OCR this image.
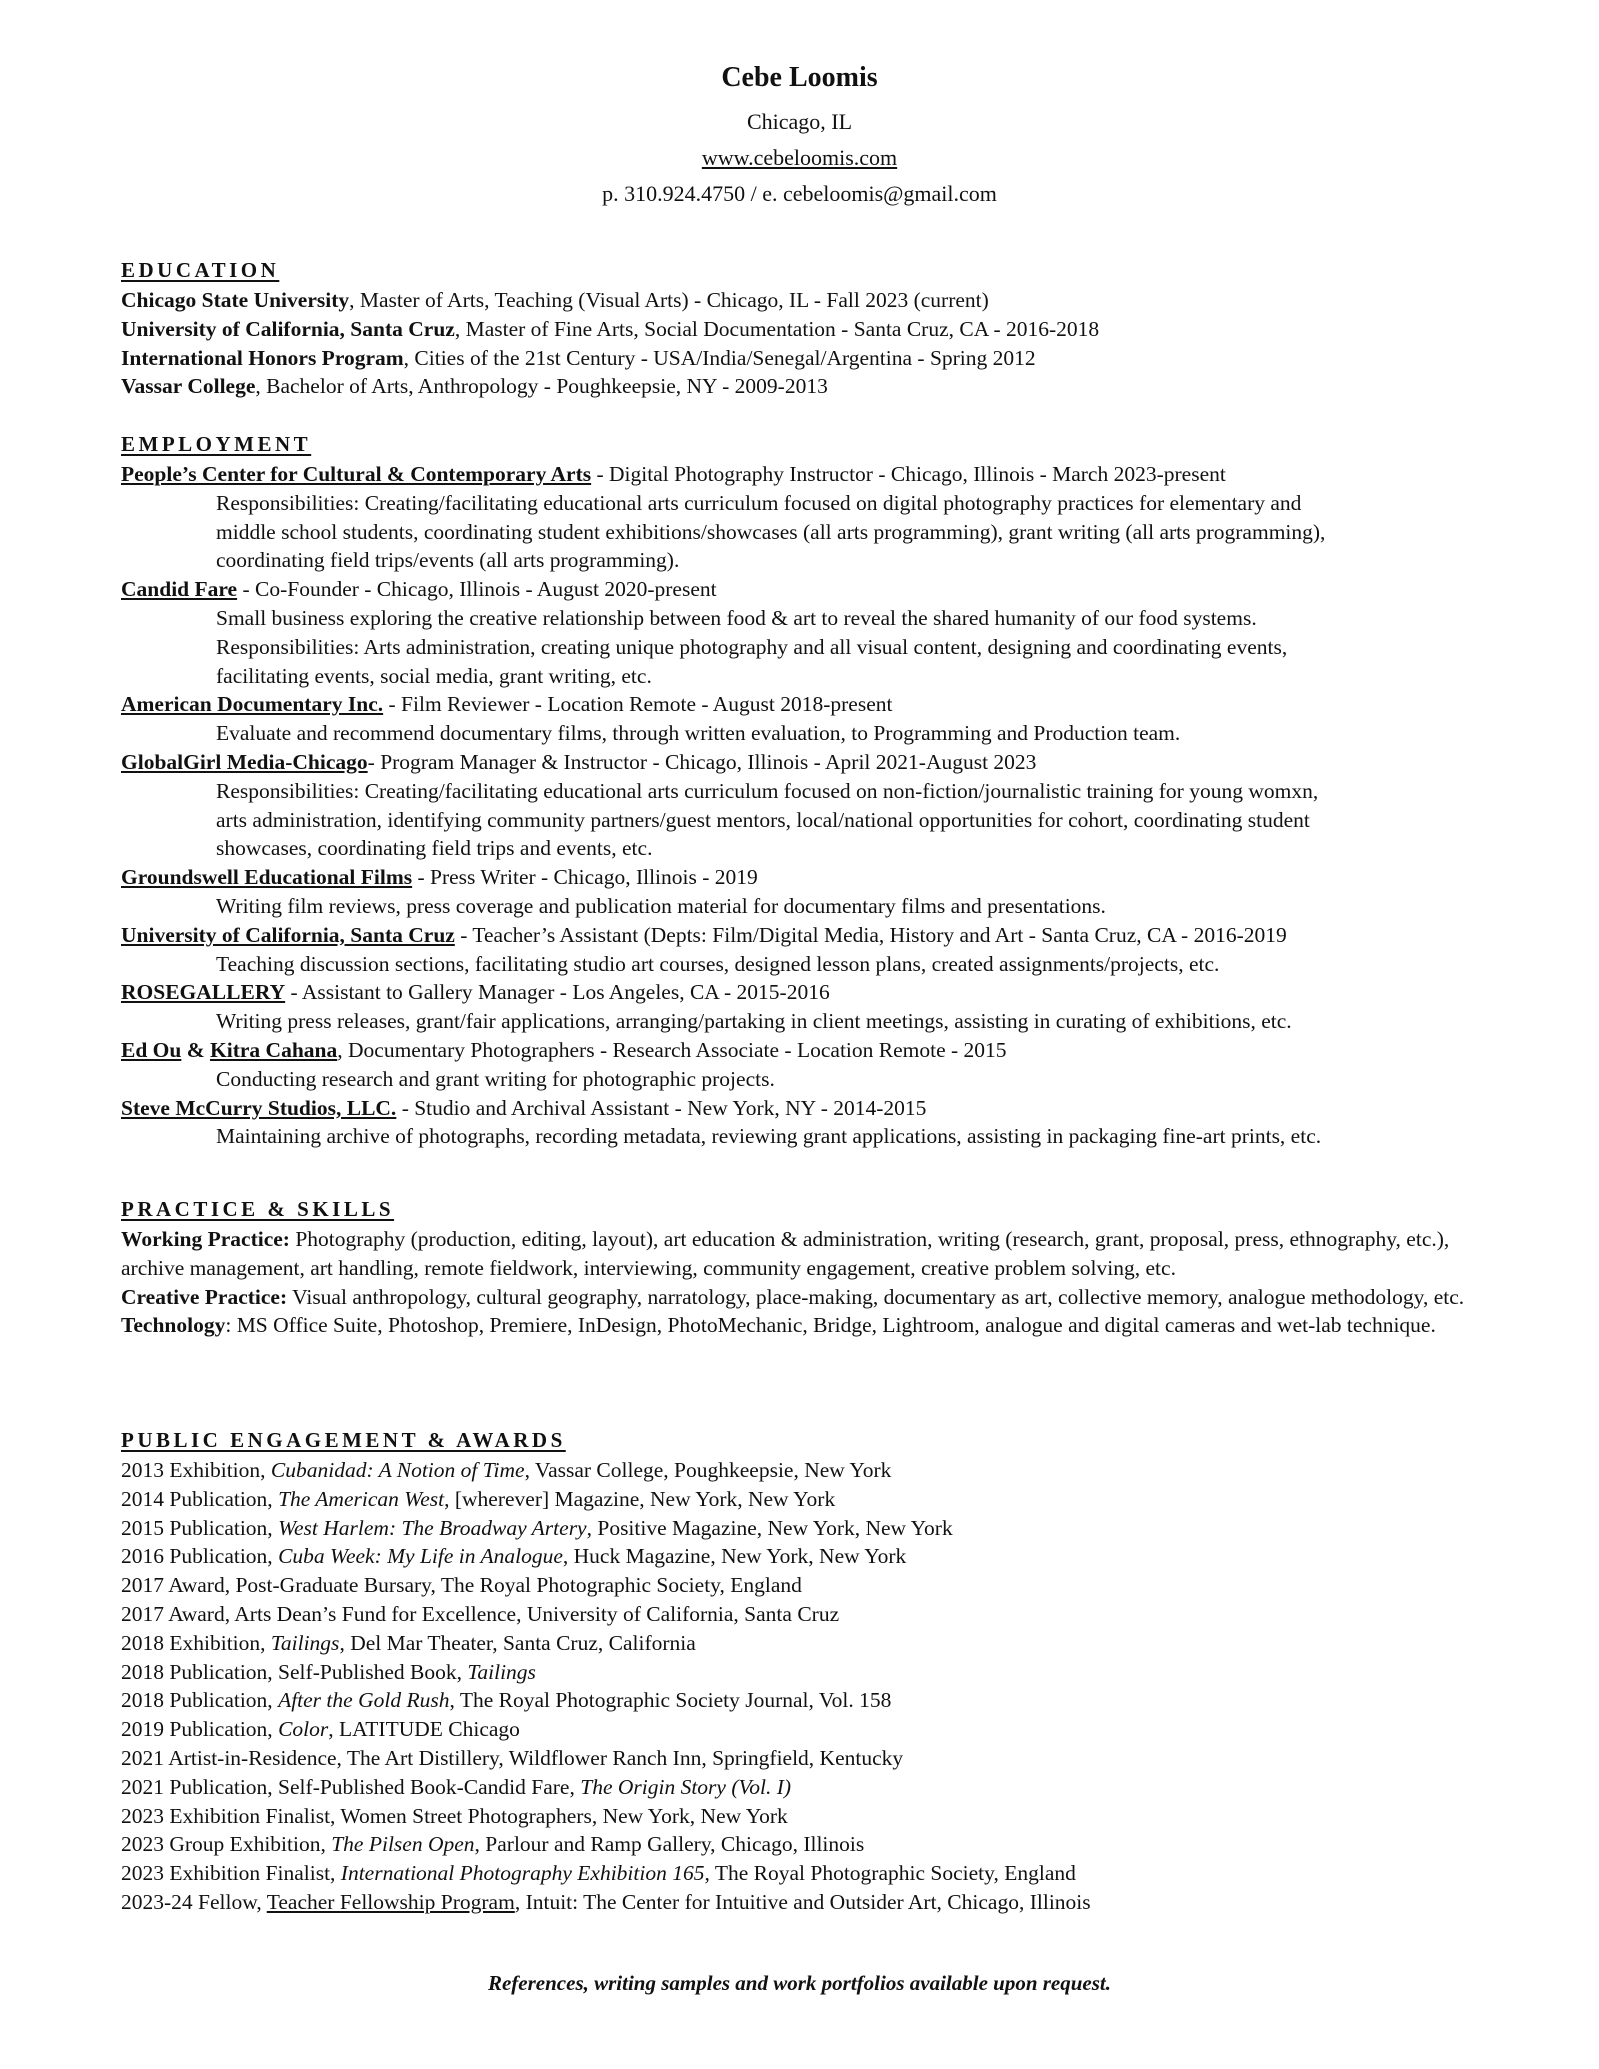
Cebe Loomis
Chicago, IL
www.cebeloomis.com
p. 310.924.4750 / e. cebeloomis@gmail.com
EDUCATION
Chicago State University, Master of Arts, Teaching (Visual Arts) - Chicago, IL - Fall 2023 (current)
University of California, Santa Cruz, Master of Fine Arts, Social Documentation - Santa Cruz, CA - 2016-2018
International Honors Program, Cities of the 21st Century - USA/India/Senegal/Argentina - Spring 2012
Vassar College, Bachelor of Arts, Anthropology - Poughkeepsie, NY - 2009-2013
EMPLOYMENT
People’s Center for Cultural & Contemporary Arts - Digital Photography Instructor - Chicago, Illinois - March 2023-present
Responsibilities: Creating/facilitating educational arts curriculum focused on digital photography practices for elementary and
middle school students, coordinating student exhibitions/showcases (all arts programming), grant writing (all arts programming),
coordinating field trips/events (all arts programming).
Candid Fare - Co-Founder - Chicago, Illinois - August 2020-present
Small business exploring the creative relationship between food & art to reveal the shared humanity of our food systems.
Responsibilities: Arts administration, creating unique photography and all visual content, designing and coordinating events,
facilitating events, social media, grant writing, etc.
American Documentary Inc. - Film Reviewer - Location Remote - August 2018-present
Evaluate and recommend documentary films, through written evaluation, to Programming and Production team.
GlobalGirl Media-Chicago- Program Manager & Instructor - Chicago, Illinois - April 2021-August 2023
Responsibilities: Creating/facilitating educational arts curriculum focused on non-fiction/journalistic training for young womxn,
arts administration, identifying community partners/guest mentors, local/national opportunities for cohort, coordinating student
showcases, coordinating field trips and events, etc.
Groundswell Educational Films - Press Writer - Chicago, Illinois - 2019
Writing film reviews, press coverage and publication material for documentary films and presentations.
University of California, Santa Cruz - Teacher’s Assistant (Depts: Film/Digital Media, History and Art - Santa Cruz, CA - 2016-2019
Teaching discussion sections, facilitating studio art courses, designed lesson plans, created assignments/projects, etc.
ROSEGALLERY - Assistant to Gallery Manager - Los Angeles, CA - 2015-2016
Writing press releases, grant/fair applications, arranging/partaking in client meetings, assisting in curating of exhibitions, etc.
Ed Ou & Kitra Cahana, Documentary Photographers - Research Associate - Location Remote - 2015
Conducting research and grant writing for photographic projects.
Steve McCurry Studios, LLC. - Studio and Archival Assistant - New York, NY - 2014-2015
Maintaining archive of photographs, recording metadata, reviewing grant applications, assisting in packaging fine-art prints, etc.
PRACTICE & SKILLS
Working Practice: Photography (production, editing, layout), art education & administration, writing (research, grant, proposal, press, ethnography, etc.), archive management, art handling, remote fieldwork, interviewing, community engagement, creative problem solving, etc.
Creative Practice: Visual anthropology, cultural geography, narratology, place-making, documentary as art, collective memory, analogue methodology, etc.
Technology: MS Office Suite, Photoshop, Premiere, InDesign, PhotoMechanic, Bridge, Lightroom, analogue and digital cameras and wet-lab technique.
PUBLIC ENGAGEMENT & AWARDS
2013 Exhibition, Cubanidad: A Notion of Time, Vassar College, Poughkeepsie, New York
2014 Publication, The American West, [wherever] Magazine, New York, New York
2015 Publication, West Harlem: The Broadway Artery, Positive Magazine, New York, New York
2016 Publication, Cuba Week: My Life in Analogue, Huck Magazine, New York, New York
2017 Award, Post-Graduate Bursary, The Royal Photographic Society, England
2017 Award, Arts Dean’s Fund for Excellence, University of California, Santa Cruz
2018 Exhibition, Tailings, Del Mar Theater, Santa Cruz, California
2018 Publication, Self-Published Book, Tailings
2018 Publication, After the Gold Rush, The Royal Photographic Society Journal, Vol. 158
2019 Publication, Color, LATITUDE Chicago
2021 Artist-in-Residence, The Art Distillery, Wildflower Ranch Inn, Springfield, Kentucky
2021 Publication, Self-Published Book-Candid Fare, The Origin Story (Vol. I)
2023 Exhibition Finalist, Women Street Photographers, New York, New York
2023 Group Exhibition, The Pilsen Open, Parlour and Ramp Gallery, Chicago, Illinois
2023 Exhibition Finalist, International Photography Exhibition 165, The Royal Photographic Society, England
2023-24 Fellow, Teacher Fellowship Program, Intuit: The Center for Intuitive and Outsider Art, Chicago, Illinois
References, writing samples and work portfolios available upon request.
